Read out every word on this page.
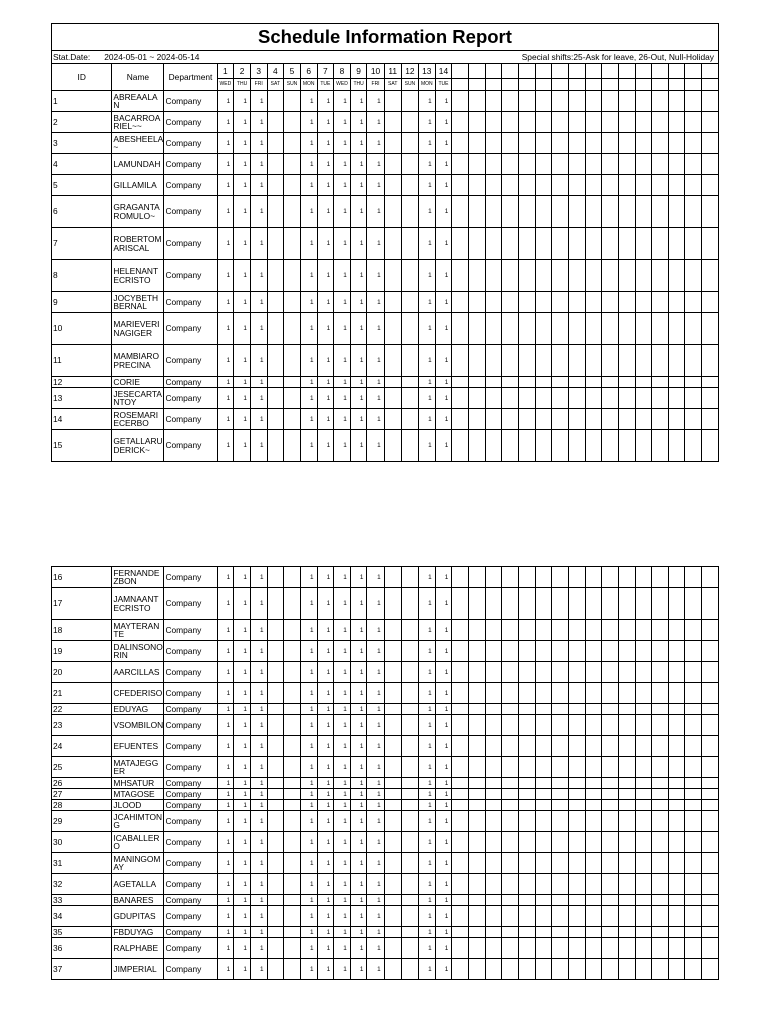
Schedule Information Report																																
Stat.Date: 2024-05-01 ~ 2024-05-14												Special shifts:25-Ask for leave, 26-Out, Null-Holiday																				
ID	Name	Department	1	2	3	4	5	6	7	8	9	10	11	12	13	14																
			WED	THU	FRI	SAT	SUN	MON	TUE	WED	THU	FRI	SAT	SUN	MON	TUE																
1	ABREAALAN	Company	1	1	1			1	1	1	1	1			1	1																
2	BACARROARIEL~~	Company	1	1	1			1	1	1	1	1			1	1																
3	ABESHEELA~	Company	1	1	1			1	1	1	1	1			1	1																
4	LAMUNDAH	Company	1	1	1			1	1	1	1	1			1	1																
5	GILLAMILA	Company	1	1	1			1	1	1	1	1			1	1																
6	GRAGANTAROMULO~	Company	1	1	1			1	1	1	1	1			1	1																
7	ROBERTOMARISCAL	Company	1	1	1			1	1	1	1	1			1	1																
8	HELENANTECRISTO	Company	1	1	1			1	1	1	1	1			1	1																
9	JOCYBETHBERNAL	Company	1	1	1			1	1	1	1	1			1	1																
10	MARIEVERINAGIGER	Company	1	1	1			1	1	1	1	1			1	1																
11	MAMBIAROPRECINA	Company	1	1	1			1	1	1	1	1			1	1																
12	CORIE	Company	1	1	1			1	1	1	1	1			1	1																
13	JESECARTANTOY	Company	1	1	1			1	1	1	1	1			1	1																
14	ROSEMARIECERBO	Company	1	1	1			1	1	1	1	1			1	1																
15	GETALLARUDERICK~	Company	1	1	1			1	1	1	1	1			1	1																
16	FERNANDEZBON	Company	1	1	1			1	1	1	1	1			1	1																
17	JAMNAANTECRISTO	Company	1	1	1			1	1	1	1	1			1	1																
18	MAYTERANTE	Company	1	1	1			1	1	1	1	1			1	1																
19	DALINSONORIN	Company	1	1	1			1	1	1	1	1			1	1																
20	AARCILLAS	Company	1	1	1			1	1	1	1	1			1	1																
21	CFEDERISO	Company	1	1	1			1	1	1	1	1			1	1																
22	EDUYAG	Company	1	1	1			1	1	1	1	1			1	1																
23	VSOMBILON	Company	1	1	1			1	1	1	1	1			1	1																
24	EFUENTES	Company	1	1	1			1	1	1	1	1			1	1																
25	MATAJEGGER	Company	1	1	1			1	1	1	1	1			1	1																
26	MHSATUR	Company	1	1	1			1	1	1	1	1			1	1																
27	MTAGOSE	Company	1	1	1			1	1	1	1	1			1	1																
28	JLOOD	Company	1	1	1			1	1	1	1	1			1	1																
29	JCAHIMTONG	Company	1	1	1			1	1	1	1	1			1	1																
30	ICABALLERO	Company	1	1	1			1	1	1	1	1			1	1																
31	MANINGOMAY	Company	1	1	1			1	1	1	1	1			1	1																
32	AGETALLA	Company	1	1	1			1	1	1	1	1			1	1																
33	BANARES	Company	1	1	1			1	1	1	1	1			1	1																
34	GDUPITAS	Company	1	1	1			1	1	1	1	1			1	1																
35	FBDUYAG	Company	1	1	1			1	1	1	1	1			1	1																
36	RALPHABE	Company	1	1	1			1	1	1	1	1			1	1																
37	JIMPERIAL	Company	1	1	1			1	1	1	1	1			1	1																
